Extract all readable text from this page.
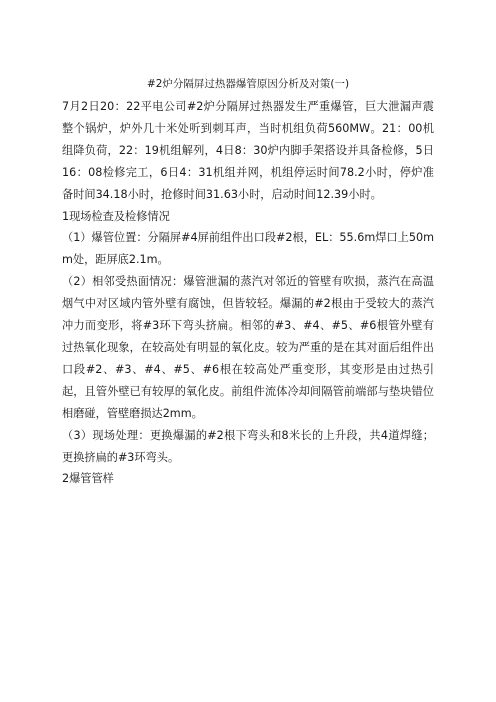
#2炉分隔屏过热器爆管原因分析及对策(一)

7月2日20：22平电公司#2炉分隔屏过热器发生严重爆管，巨大泄漏声震整个锅炉，炉外几十米处听到刺耳声，当时机组负荷560MW。21：00机组降负荷，22：19机组解列，4日8：30炉内脚手架搭设并具备检修，5日16：08检修完工，6日4：31机组并网，机组停运时间78.2小时，停炉准备时间34.18小时，抢修时间31.63小时，启动时间12.39小时。

1现场检查及检修情况

（1）爆管位置：分隔屏#4屏前组件出口段#2根，EL：55.6m焊口上50mm处，距屏底2.1m。

（2）相邻受热面情况：爆管泄漏的蒸汽对邻近的管壁有吹损，蒸汽在高温烟气中对区域内管外壁有腐蚀，但皆较轻。爆漏的#2根由于受较大的蒸汽冲力而变形，将#3环下弯头挤扁。相邻的#3、#4、#5、#6根管外壁有过热氧化现象，在较高处有明显的氧化皮。较为严重的是在其对面后组件出口段#2、#3、#4、#5、#6根在较高处严重变形，其变形是由过热引起，且管外壁已有较厚的氧化皮。前组件流体冷却间隔管前端部与垫块错位相磨碰，管壁磨损达2mm。

（3）现场处理：更换爆漏的#2根下弯头和8米长的上升段，共4道焊缝；更换挤扁的#3环弯头。

2爆管管样
